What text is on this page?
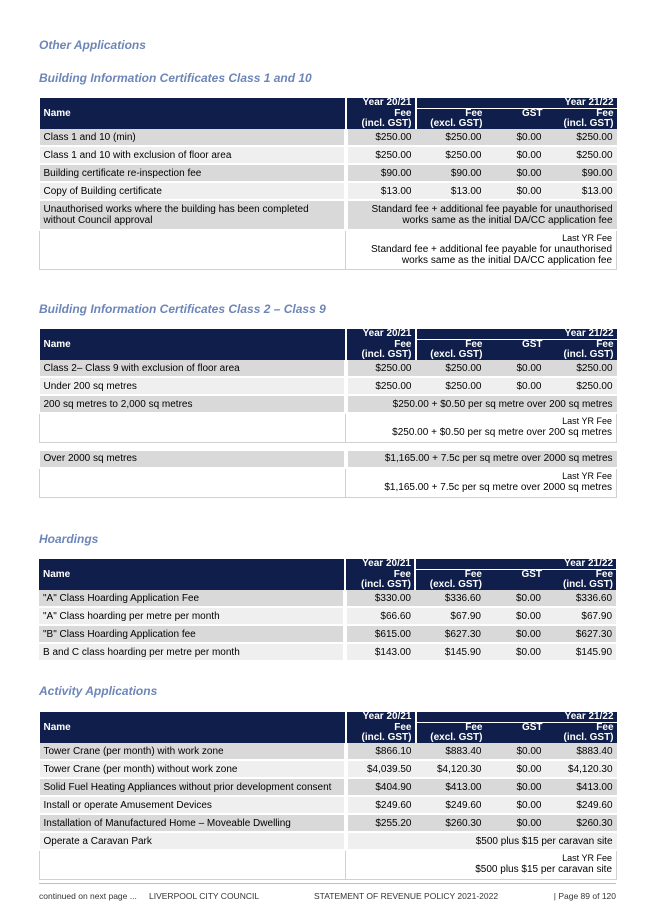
Other Applications
Building Information Certificates Class 1 and 10
Name	Year 20/21	Year 21/22		
	Fee	Fee	GST	Fee
	(incl. GST)	(excl. GST)		(incl. GST)
Class 1 and 10 (min)	$250.00	$250.00	$0.00	$250.00
Class 1 and 10 with exclusion of floor area	$250.00	$250.00	$0.00	$250.00
Building certificate re-inspection fee	$90.00	$90.00	$0.00	$90.00
Copy of Building certificate	$13.00	$13.00	$0.00	$13.00
Unauthorised works where the building has been completed without Council approval	Standard fee + additional fee payable for unauthorised works same as the initial DA/CC application fee			

	Last YR Fee
Standard fee + additional fee payable for unauthorised works same as the initial DA/CC application fee			
Building Information Certificates Class 2 – Class 9
Name	Year 20/21	Year 21/22		
	Fee	Fee	GST	Fee
	(incl. GST)	(excl. GST)		(incl. GST)
Class 2– Class 9 with exclusion of floor area	$250.00	$250.00	$0.00	$250.00
Under 200 sq metres	$250.00	$250.00	$0.00	$250.00
200 sq metres to 2,000 sq metres	$250.00 + $0.50 per sq metre over 200 sq metres			

	Last YR Fee
$250.00 + $0.50 per sq metre over 200 sq metres			

Over 2000 sq metres	$1,165.00 + 7.5c per sq metre over 2000 sq metres			

	Last YR Fee
$1,165.00 + 7.5c per sq metre over 2000 sq metres			
Hoardings
Name	Year 20/21	Year 21/22		
	Fee	Fee	GST	Fee
	(incl. GST)	(excl. GST)		(incl. GST)
"A" Class Hoarding Application Fee	$330.00	$336.60	$0.00	$336.60
"A" Class hoarding per metre per month	$66.60	$67.90	$0.00	$67.90
"B" Class Hoarding Application fee	$615.00	$627.30	$0.00	$627.30
B and C class hoarding per metre per month	$143.00	$145.90	$0.00	$145.90
Activity Applications
Name	Year 20/21	Year 21/22		
	Fee	Fee	GST	Fee
	(incl. GST)	(excl. GST)		(incl. GST)
Tower Crane (per month) with work zone	$866.10	$883.40	$0.00	$883.40
Tower Crane (per month) without work zone	$4,039.50	$4,120.30	$0.00	$4,120.30
Solid Fuel Heating Appliances without prior development consent	$404.90	$413.00	$0.00	$413.00
Install or operate Amusement Devices	$249.60	$249.60	$0.00	$249.60
Installation of Manufactured Home – Moveable Dwelling	$255.20	$260.30	$0.00	$260.30
Operate a Caravan Park	$500 plus $15 per caravan site			

	Last YR Fee
$500 plus $15 per caravan site			
continued on next page ... LIVERPOOL CITY COUNCIL	STATEMENT OF REVENUE POLICY 2021-2022	| Page 89 of 120
